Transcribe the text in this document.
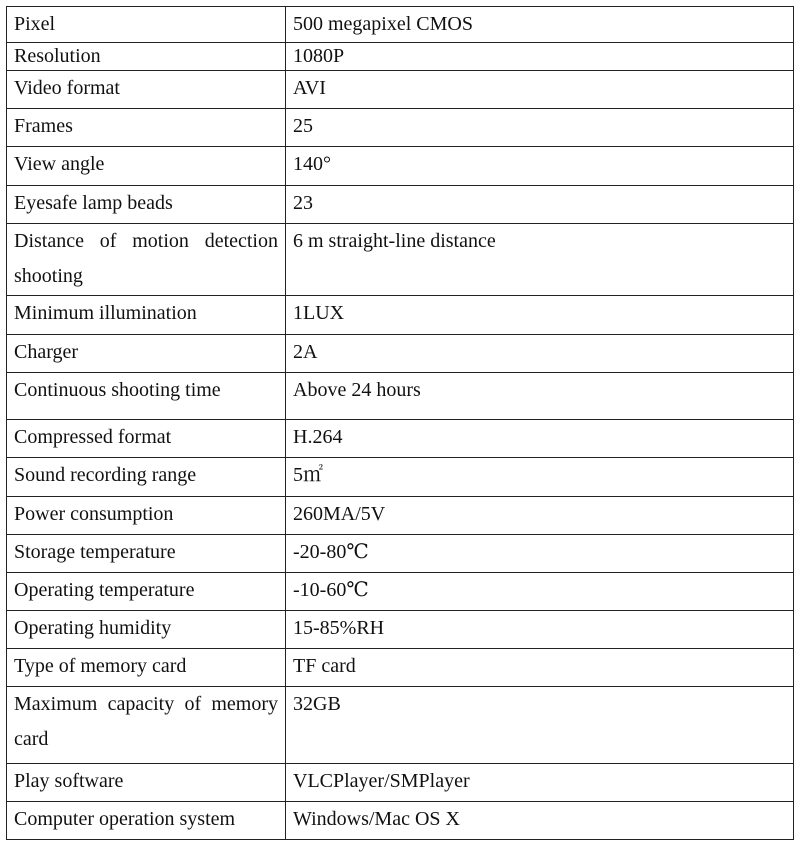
Pixel	500 megapixel CMOS

Resolution	1080P

Video format	AVI

Frames	25

View angle	140°

Eyesafe lamp beads	23

Distance of motion detection shooting	6 m straight-line distance

Minimum illumination	1LUX

Charger	2A

Continuous shooting time	Above 24 hours

Compressed format	H.264

Sound recording range	5㎡

Power consumption	260MA/5V

Storage temperature	-20-80℃

Operating temperature	-10-60℃

Operating humidity	15-85%RH

Type of memory card	TF card

Maximum capacity of memory card	32GB

Play software	VLCPlayer/SMPlayer

Computer operation system	Windows/Mac OS X
